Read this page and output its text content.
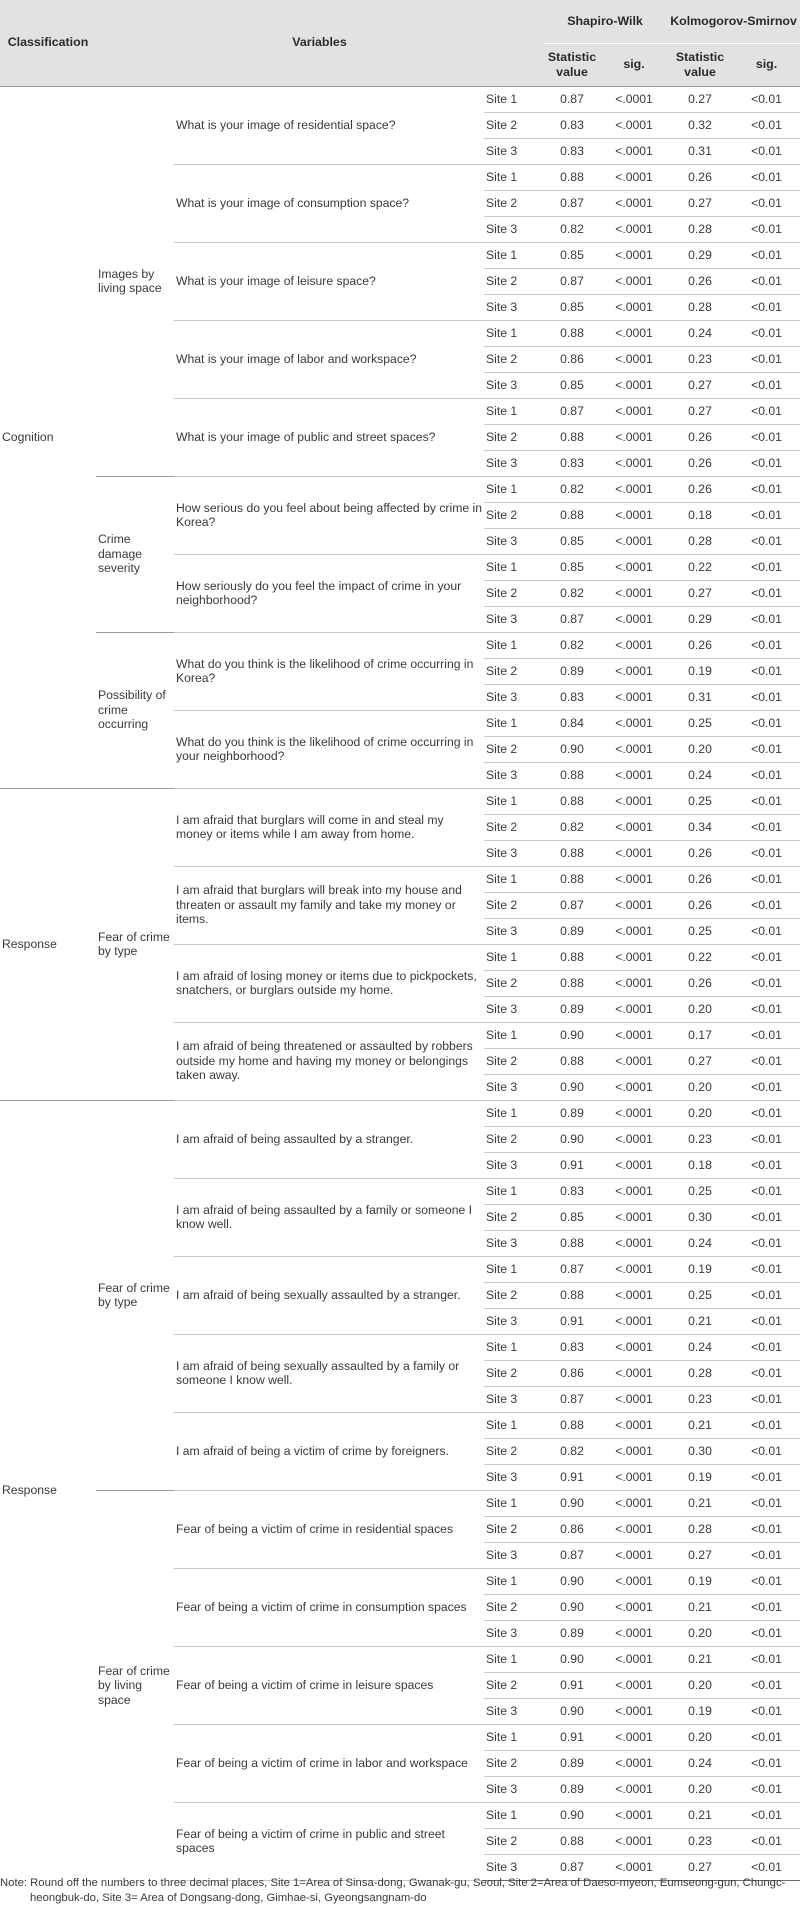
Classification	Variables			Shapiro-Wilk		Kolmogorov-Smirnov	
				Statistic value	sig.	Statistic value	sig.
Cognition	Images by living space	What is your image of residential space?	Site 1	0.87	<.0001	0.27	<0.01
			Site 2	0.83	<.0001	0.32	<0.01
			Site 3	0.83	<.0001	0.31	<0.01
		What is your image of consumption space?	Site 1	0.88	<.0001	0.26	<0.01
			Site 2	0.87	<.0001	0.27	<0.01
			Site 3	0.82	<.0001	0.28	<0.01
		What is your image of leisure space?	Site 1	0.85	<.0001	0.29	<0.01
			Site 2	0.87	<.0001	0.26	<0.01
			Site 3	0.85	<.0001	0.28	<0.01
		What is your image of labor and workspace?	Site 1	0.88	<.0001	0.24	<0.01
			Site 2	0.86	<.0001	0.23	<0.01
			Site 3	0.85	<.0001	0.27	<0.01
		What is your image of public and street spaces?	Site 1	0.87	<.0001	0.27	<0.01
			Site 2	0.88	<.0001	0.26	<0.01
			Site 3	0.83	<.0001	0.26	<0.01
	Crime damage severity	How serious do you feel about being affected by crime in Korea?	Site 1	0.82	<.0001	0.26	<0.01
			Site 2	0.88	<.0001	0.18	<0.01
			Site 3	0.85	<.0001	0.28	<0.01
		How seriously do you feel the impact of crime in your neighborhood?	Site 1	0.85	<.0001	0.22	<0.01
			Site 2	0.82	<.0001	0.27	<0.01
			Site 3	0.87	<.0001	0.29	<0.01
	Possibility of crime occurring	What do you think is the likelihood of crime occurring in Korea?	Site 1	0.82	<.0001	0.26	<0.01
			Site 2	0.89	<.0001	0.19	<0.01
			Site 3	0.83	<.0001	0.31	<0.01
		What do you think is the likelihood of crime occurring in your neighborhood?	Site 1	0.84	<.0001	0.25	<0.01
			Site 2	0.90	<.0001	0.20	<0.01
			Site 3	0.88	<.0001	0.24	<0.01
Response	Fear of crime by type	I am afraid that burglars will come in and steal my money or items while I am away from home.	Site 1	0.88	<.0001	0.25	<0.01
			Site 2	0.82	<.0001	0.34	<0.01
			Site 3	0.88	<.0001	0.26	<0.01
		I am afraid that burglars will break into my house and threaten or assault my family and take my money or items.	Site 1	0.88	<.0001	0.26	<0.01
			Site 2	0.87	<.0001	0.26	<0.01
			Site 3	0.89	<.0001	0.25	<0.01
		I am afraid of losing money or items due to pickpockets, snatchers, or burglars outside my home.	Site 1	0.88	<.0001	0.22	<0.01
			Site 2	0.88	<.0001	0.26	<0.01
			Site 3	0.89	<.0001	0.20	<0.01
		I am afraid of being threatened or assaulted by robbers outside my home and having my money or belongings taken away.	Site 1	0.90	<.0001	0.17	<0.01
			Site 2	0.88	<.0001	0.27	<0.01
			Site 3	0.90	<.0001	0.20	<0.01
Response	Fear of crime by type	I am afraid of being assaulted by a stranger.	Site 1	0.89	<.0001	0.20	<0.01
			Site 2	0.90	<.0001	0.23	<0.01
			Site 3	0.91	<.0001	0.18	<0.01
		I am afraid of being assaulted by a family or someone I know well.	Site 1	0.83	<.0001	0.25	<0.01
			Site 2	0.85	<.0001	0.30	<0.01
			Site 3	0.88	<.0001	0.24	<0.01
		I am afraid of being sexually assaulted by a stranger.	Site 1	0.87	<.0001	0.19	<0.01
			Site 2	0.88	<.0001	0.25	<0.01
			Site 3	0.91	<.0001	0.21	<0.01
		I am afraid of being sexually assaulted by a family or someone I know well.	Site 1	0.83	<.0001	0.24	<0.01
			Site 2	0.86	<.0001	0.28	<0.01
			Site 3	0.87	<.0001	0.23	<0.01
		I am afraid of being a victim of crime by foreigners.	Site 1	0.88	<.0001	0.21	<0.01
			Site 2	0.82	<.0001	0.30	<0.01
			Site 3	0.91	<.0001	0.19	<0.01
	Fear of crime by living space	Fear of being a victim of crime in residential spaces	Site 1	0.90	<.0001	0.21	<0.01
			Site 2	0.86	<.0001	0.28	<0.01
			Site 3	0.87	<.0001	0.27	<0.01
		Fear of being a victim of crime in consumption spaces	Site 1	0.90	<.0001	0.19	<0.01
			Site 2	0.90	<.0001	0.21	<0.01
			Site 3	0.89	<.0001	0.20	<0.01
		Fear of being a victim of crime in leisure spaces	Site 1	0.90	<.0001	0.21	<0.01
			Site 2	0.91	<.0001	0.20	<0.01
			Site 3	0.90	<.0001	0.19	<0.01
		Fear of being a victim of crime in labor and workspace	Site 1	0.91	<.0001	0.20	<0.01
			Site 2	0.89	<.0001	0.24	<0.01
			Site 3	0.89	<.0001	0.20	<0.01
		Fear of being a victim of crime in public and street spaces	Site 1	0.90	<.0001	0.21	<0.01
			Site 2	0.88	<.0001	0.23	<0.01
			Site 3	0.87	<.0001	0.27	<0.01
Note: Round off the numbers to three decimal places, Site 1=Area of Sinsa-dong, Gwanak-gu, Seoul, Site 2=Area of Daeso-myeon, Eumseong-gun, Chungc-
heongbuk-do, Site 3= Area of Dongsang-dong, Gimhae-si, Gyeongsangnam-do
